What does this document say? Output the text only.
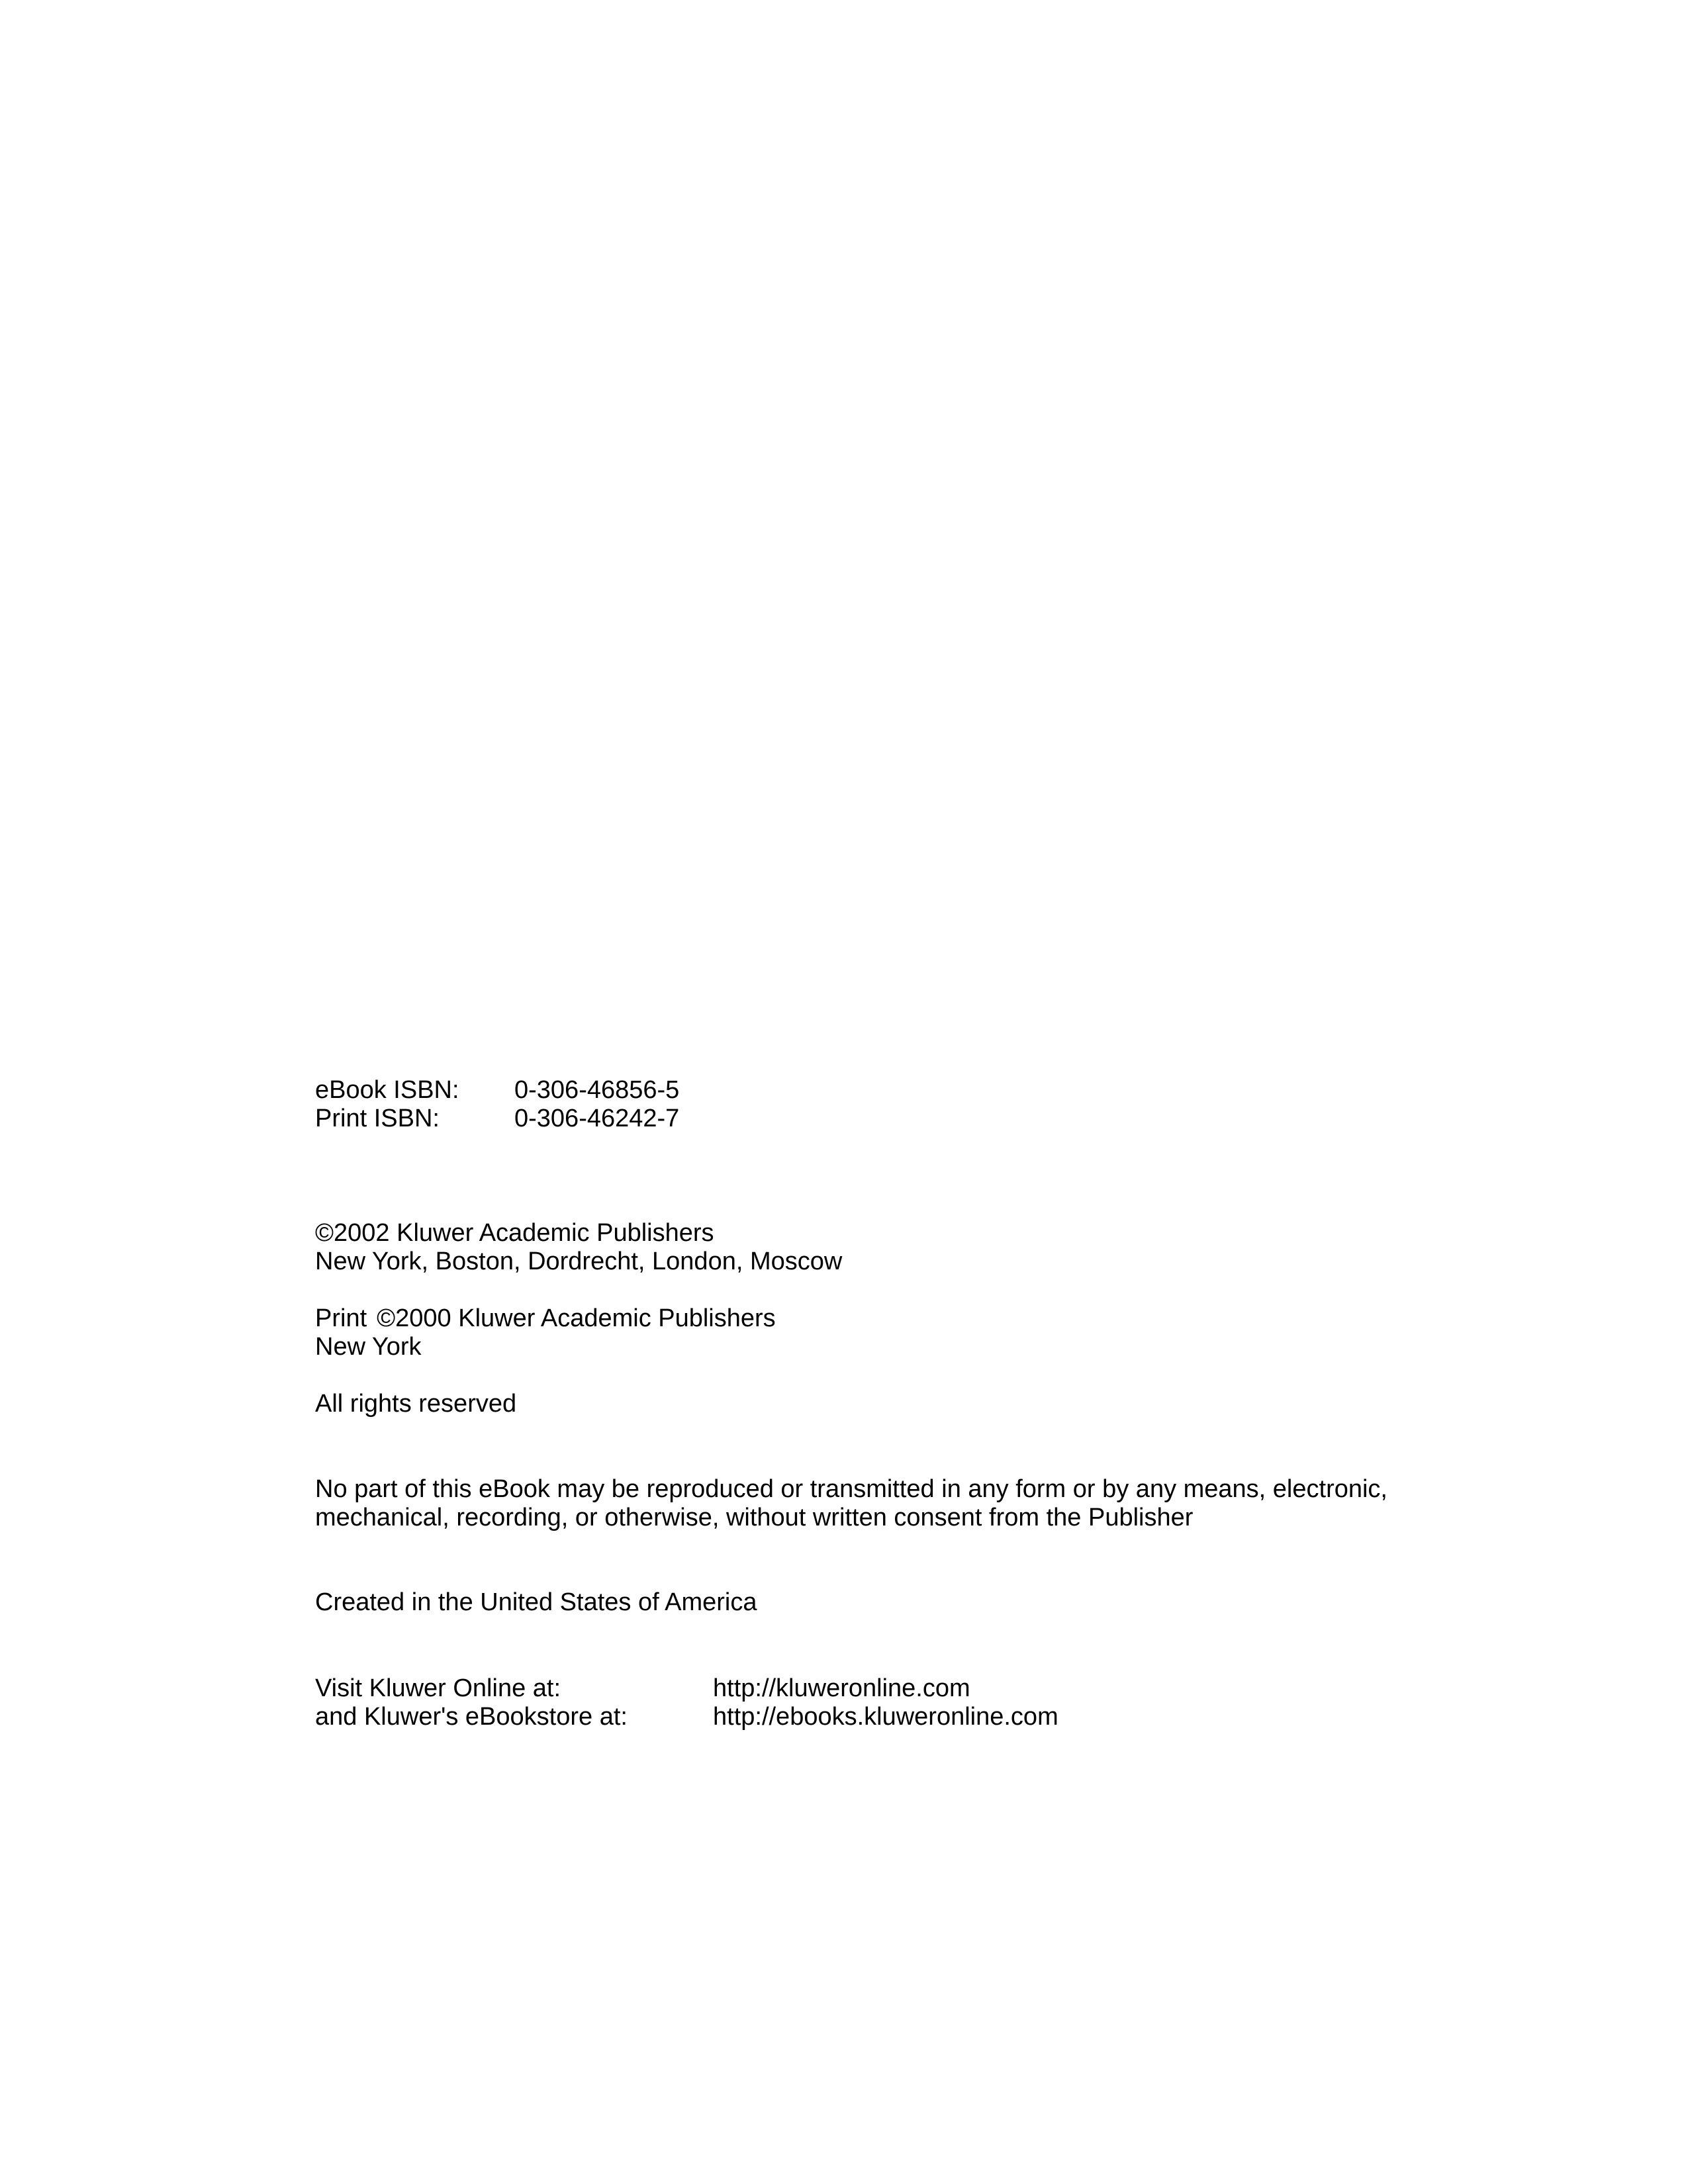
eBook ISBN:	0-306-46856-5
Print ISBN:	0-306-46242-7
©2002 Kluwer Academic Publishers
New York, Boston, Dordrecht, London, Moscow
Print ©2000 Kluwer Academic Publishers
New York
All rights reserved
No part of this eBook may be reproduced or transmitted in any form or by any means, electronic,
mechanical, recording, or otherwise, without written consent from the Publisher
Created in the United States of America
Visit Kluwer Online at:	http://kluweronline.com
and Kluwer's eBookstore at:	http://ebooks.kluweronline.com
